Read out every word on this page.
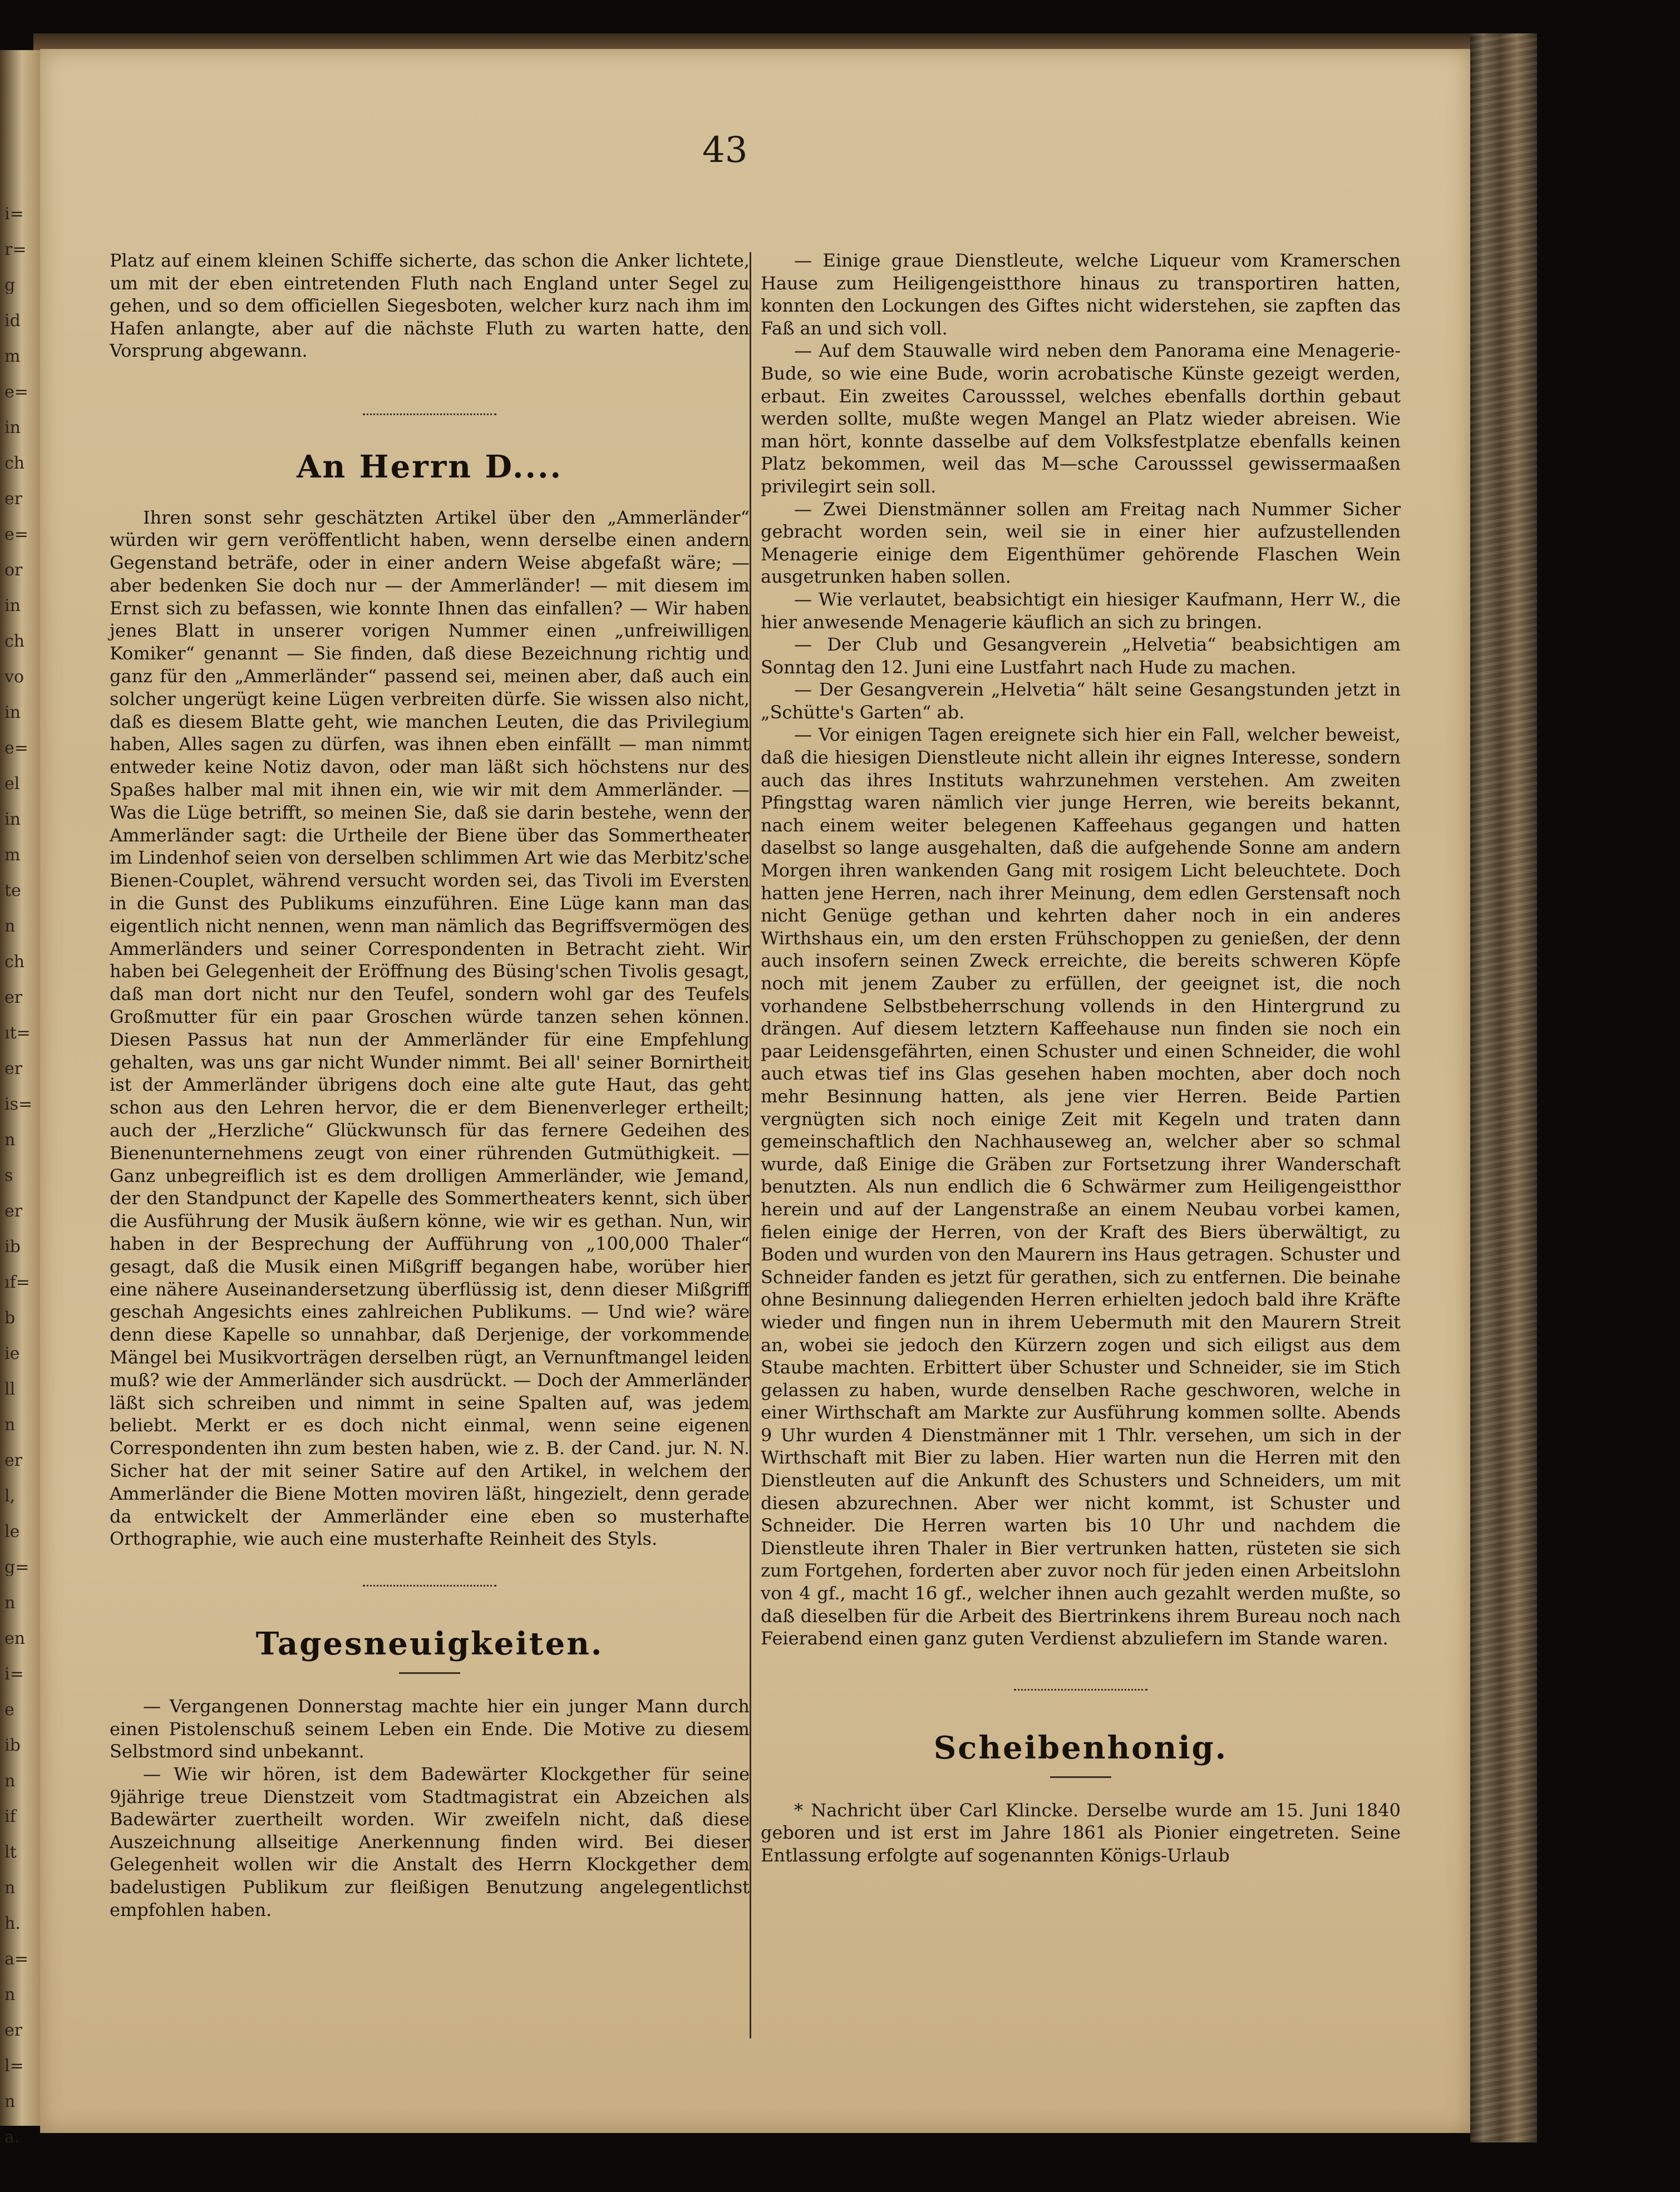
i=
r=
g
id
m
e=
in
ch
er
e=
or
in
ch
vo
in
e=
el
in
m
te
n
ch
er
ıt=
er
is=
n
s
er
ib
ıf=
b
ie
ll
n
er
l,
le
g=
n
en
i=
e
ib
n
if
lt
n
h.
a=
n
er
l=
n
a.
43

Platz auf einem kleinen Schiffe sicherte, das schon die Anker lichtete, um mit der eben eintretenden Fluth nach England unter Segel zu gehen, und so dem officiellen Siegesboten, welcher kurz nach ihm im Hafen anlangte, aber auf die nächste Fluth zu warten hatte, den Vorsprung abgewann.

An Herrn D....

Ihren sonst sehr geschätzten Artikel über den „Ammerländer“ würden wir gern veröffentlicht haben, wenn derselbe einen andern Gegenstand beträfe, oder in einer andern Weise abgefaßt wäre; — aber bedenken Sie doch nur — der Ammerländer! — mit diesem im Ernst sich zu befassen, wie konnte Ihnen das einfallen? — Wir haben jenes Blatt in unserer vorigen Nummer einen „unfreiwilligen Komiker“ genannt — Sie finden, daß diese Bezeichnung richtig und ganz für den „Ammerländer“ passend sei, meinen aber, daß auch ein solcher ungerügt keine Lügen verbreiten dürfe. Sie wissen also nicht, daß es diesem Blatte geht, wie manchen Leuten, die das Privilegium haben, Alles sagen zu dürfen, was ihnen eben einfällt — man nimmt entweder keine Notiz davon, oder man läßt sich höchstens nur des Spaßes halber mal mit ihnen ein, wie wir mit dem Ammerländer. — Was die Lüge betrifft, so meinen Sie, daß sie darin bestehe, wenn der Ammerländer sagt: die Urtheile der Biene über das Sommertheater im Lindenhof seien von derselben schlimmen Art wie das Merbitz'sche Bienen-Couplet, während versucht worden sei, das Tivoli im Eversten in die Gunst des Publikums einzuführen. Eine Lüge kann man das eigentlich nicht nennen, wenn man nämlich das Begriffsvermögen des Ammerländers und seiner Correspondenten in Betracht zieht. Wir haben bei Gelegenheit der Eröffnung des Büsing'schen Tivolis gesagt, daß man dort nicht nur den Teufel, sondern wohl gar des Teufels Großmutter für ein paar Groschen würde tanzen sehen können. Diesen Passus hat nun der Ammerländer für eine Empfehlung gehalten, was uns gar nicht Wunder nimmt. Bei all' seiner Bornirtheit ist der Ammerländer übrigens doch eine alte gute Haut, das geht schon aus den Lehren hervor, die er dem Bienenverleger ertheilt; auch der „Herzliche“ Glückwunsch für das fernere Gedeihen des Bienenunternehmens zeugt von einer rührenden Gutmüthigkeit. — Ganz unbegreiflich ist es dem drolligen Ammerländer, wie Jemand, der den Standpunct der Kapelle des Sommertheaters kennt, sich über die Ausführung der Musik äußern könne, wie wir es gethan. Nun, wir haben in der Besprechung der Aufführung von „100,000 Thaler“ gesagt, daß die Musik einen Mißgriff begangen habe, worüber hier eine nähere Auseinandersetzung überflüssig ist, denn dieser Mißgriff geschah Angesichts eines zahlreichen Publikums. — Und wie? wäre denn diese Kapelle so unnahbar, daß Derjenige, der vorkommende Mängel bei Musikvorträgen derselben rügt, an Vernunftmangel leiden muß? wie der Ammerländer sich ausdrückt. — Doch der Ammerländer läßt sich schreiben und nimmt in seine Spalten auf, was jedem beliebt. Merkt er es doch nicht einmal, wenn seine eigenen Correspondenten ihn zum besten haben, wie z. B. der Cand. jur. N. N. Sicher hat der mit seiner Satire auf den Artikel, in welchem der Ammerländer die Biene Motten moviren läßt, hingezielt, denn gerade da entwickelt der Ammerländer eine eben so musterhafte Orthographie, wie auch eine musterhafte Reinheit des Styls.

Tagesneuigkeiten.

— Vergangenen Donnerstag machte hier ein junger Mann durch einen Pistolenschuß seinem Leben ein Ende. Die Motive zu diesem Selbstmord sind unbekannt.

— Wie wir hören, ist dem Badewärter Klockgether für seine 9jährige treue Dienstzeit vom Stadtmagistrat ein Abzeichen als Badewärter zuertheilt worden. Wir zweifeln nicht, daß diese Auszeichnung allseitige Anerkennung finden wird. Bei dieser Gelegenheit wollen wir die Anstalt des Herrn Klockgether dem badelustigen Publikum zur fleißigen Benutzung angelegentlichst empfohlen haben.

— Einige graue Dienstleute, welche Liqueur vom Kramerschen Hause zum Heiligengeistthore hinaus zu transportiren hatten, konnten den Lockungen des Giftes nicht widerstehen, sie zapften das Faß an und sich voll.

— Auf dem Stauwalle wird neben dem Panorama eine Menagerie-Bude, so wie eine Bude, worin acrobatische Künste gezeigt werden, erbaut. Ein zweites Carousssel, welches ebenfalls dorthin gebaut werden sollte, mußte wegen Mangel an Platz wieder abreisen. Wie man hört, konnte dasselbe auf dem Volksfestplatze ebenfalls keinen Platz bekommen, weil das M—sche Carousssel gewissermaaßen privilegirt sein soll.

— Zwei Dienstmänner sollen am Freitag nach Nummer Sicher gebracht worden sein, weil sie in einer hier aufzustellenden Menagerie einige dem Eigenthümer gehörende Flaschen Wein ausgetrunken haben sollen.

— Wie verlautet, beabsichtigt ein hiesiger Kaufmann, Herr W., die hier anwesende Menagerie käuflich an sich zu bringen.

— Der Club und Gesangverein „Helvetia“ beabsichtigen am Sonntag den 12. Juni eine Lustfahrt nach Hude zu machen.

— Der Gesangverein „Helvetia“ hält seine Gesangstunden jetzt in „Schütte's Garten“ ab.

— Vor einigen Tagen ereignete sich hier ein Fall, welcher beweist, daß die hiesigen Dienstleute nicht allein ihr eignes Interesse, sondern auch das ihres Instituts wahrzunehmen verstehen. Am zweiten Pfingsttag waren nämlich vier junge Herren, wie bereits bekannt, nach einem weiter belegenen Kaffeehaus gegangen und hatten daselbst so lange ausgehalten, daß die aufgehende Sonne am andern Morgen ihren wankenden Gang mit rosigem Licht beleuchtete. Doch hatten jene Herren, nach ihrer Meinung, dem edlen Gerstensaft noch nicht Genüge gethan und kehrten daher noch in ein anderes Wirthshaus ein, um den ersten Frühschoppen zu genießen, der denn auch insofern seinen Zweck erreichte, die bereits schweren Köpfe noch mit jenem Zauber zu erfüllen, der geeignet ist, die noch vorhandene Selbstbeherrschung vollends in den Hintergrund zu drängen. Auf diesem letztern Kaffeehause nun finden sie noch ein paar Leidensgefährten, einen Schuster und einen Schneider, die wohl auch etwas tief ins Glas gesehen haben mochten, aber doch noch mehr Besinnung hatten, als jene vier Herren. Beide Partien vergnügten sich noch einige Zeit mit Kegeln und traten dann gemeinschaftlich den Nachhauseweg an, welcher aber so schmal wurde, daß Einige die Gräben zur Fortsetzung ihrer Wanderschaft benutzten. Als nun endlich die 6 Schwärmer zum Heiligengeistthor herein und auf der Langenstraße an einem Neubau vorbei kamen, fielen einige der Herren, von der Kraft des Biers überwältigt, zu Boden und wurden von den Maurern ins Haus getragen. Schuster und Schneider fanden es jetzt für gerathen, sich zu entfernen. Die beinahe ohne Besinnung daliegenden Herren erhielten jedoch bald ihre Kräfte wieder und fingen nun in ihrem Uebermuth mit den Maurern Streit an, wobei sie jedoch den Kürzern zogen und sich eiligst aus dem Staube machten. Erbittert über Schuster und Schneider, sie im Stich gelassen zu haben, wurde denselben Rache geschworen, welche in einer Wirthschaft am Markte zur Ausführung kommen sollte. Abends 9 Uhr wurden 4 Dienstmänner mit 1 Thlr. versehen, um sich in der Wirthschaft mit Bier zu laben. Hier warten nun die Herren mit den Dienstleuten auf die Ankunft des Schusters und Schneiders, um mit diesen abzurechnen. Aber wer nicht kommt, ist Schuster und Schneider. Die Herren warten bis 10 Uhr und nachdem die Dienstleute ihren Thaler in Bier vertrunken hatten, rüsteten sie sich zum Fortgehen, forderten aber zuvor noch für jeden einen Arbeitslohn von 4 gf., macht 16 gf., welcher ihnen auch gezahlt werden mußte, so daß dieselben für die Arbeit des Biertrinkens ihrem Bureau noch nach Feierabend einen ganz guten Verdienst abzuliefern im Stande waren.

Scheibenhonig.

* Nachricht über Carl Klincke. Derselbe wurde am 15. Juni 1840 geboren und ist erst im Jahre 1861 als Pionier eingetreten. Seine Entlassung erfolgte auf sogenannten Königs-Urlaub
